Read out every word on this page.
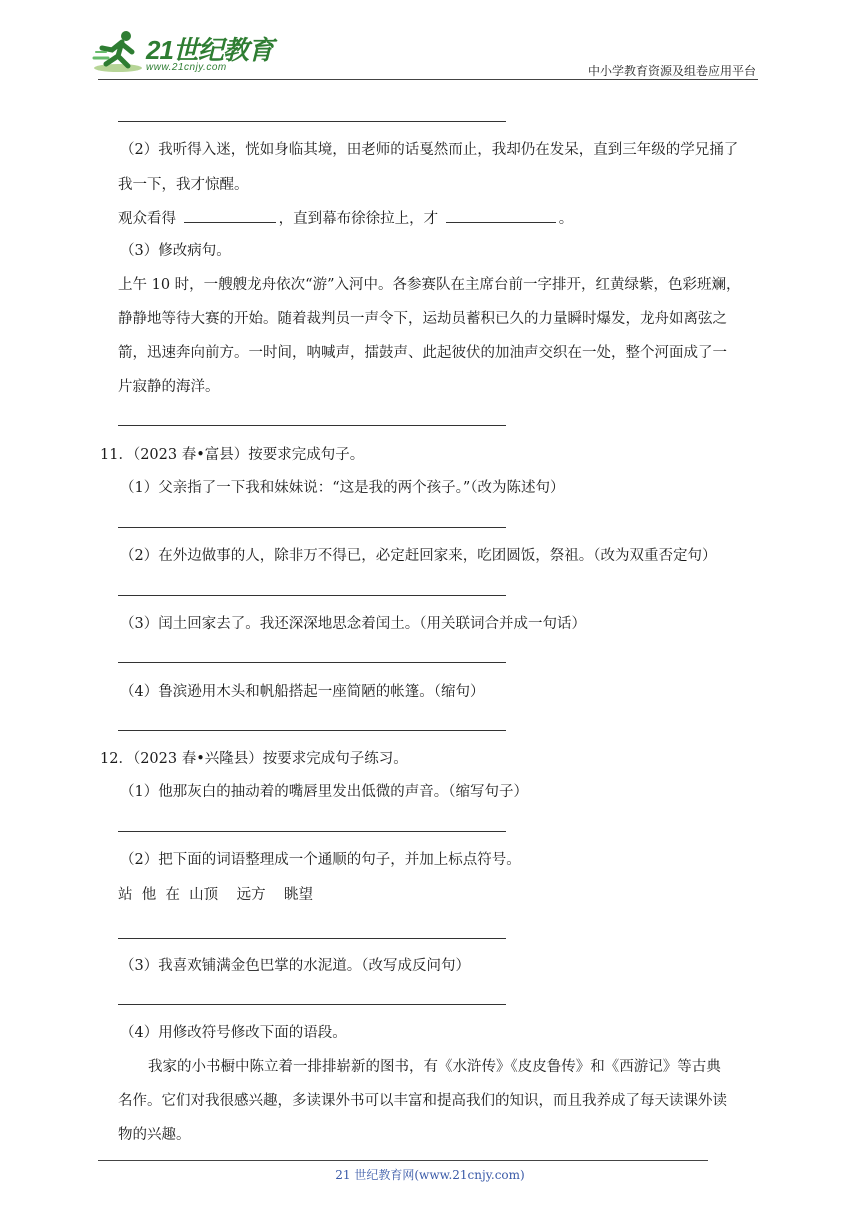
21世纪教育
www.21cnjy.com	中小学教育资源及组卷应用平台
（2）我听得入迷，恍如身临其境，田老师的话戛然而止，我却仍在发呆，直到三年级的学兄捅了
我一下，我才惊醒。
观众看得	，直到幕布徐徐拉上，才	。
（3）修改病句。
上午 10 时，一艘艘龙舟依次“游”入河中。各参赛队在主席台前一字排开，红黄绿紫，色彩班斓，
静静地等待大赛的开始。随着裁判员一声令下，运劫员蓄积已久的力量瞬时爆发，龙舟如离弦之
箭，迅速奔向前方。一时间，呐喊声，擂鼓声、此起彼伏的加油声交织在一处，整个河面成了一
片寂静的海洋。
11．（2023 春•富县）按要求完成句子。
（1）父亲指了一下我和妹妹说：“这是我的两个孩子。”（改为陈述句）
（2）在外边做事的人，除非万不得已，必定赶回家来，吃团圆饭，祭祖。（改为双重否定句）
（3）闰土回家去了。我还深深地思念着闰土。（用关联词合并成一句话）
（4）鲁滨逊用木头和帆船搭起一座简陋的帐篷。（缩句）
12．（2023 春•兴隆县）按要求完成句子练习。
（1）他那灰白的抽动着的嘴唇里发出低微的声音。（缩写句子）
（2）把下面的词语整理成一个通顺的句子，并加上标点符号。
站  他  在  山顶    远方    眺望
（3）我喜欢铺满金色巴掌的水泥道。（改写成反问句）
（4）用修改符号修改下面的语段。
我家的小书橱中陈立着一排排崭新的图书，有《水浒传》《皮皮鲁传》和《西游记》等古典
名作。它们对我很感兴趣，多读课外书可以丰富和提高我们的知识，而且我养成了每天读课外读
物的兴趣。
21 世纪教育网(www.21cnjy.com)
